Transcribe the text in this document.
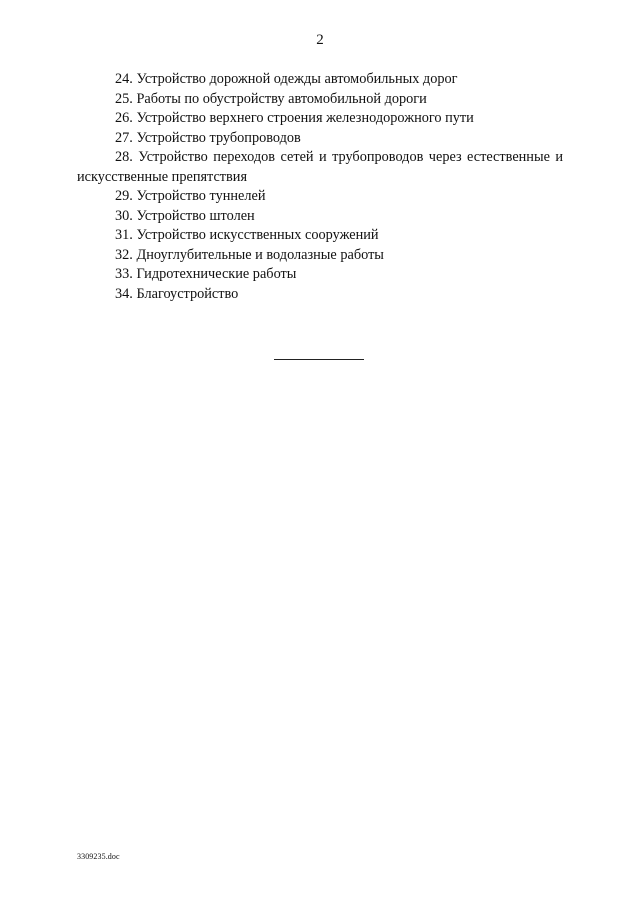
2
24. Устройство дорожной одежды автомобильных дорог
25. Работы по обустройству автомобильной дороги
26. Устройство верхнего строения железнодорожного пути
27. Устройство трубопроводов
28. Устройство переходов сетей и трубопроводов через естественные и искусственные препятствия
29. Устройство туннелей
30. Устройство штолен
31. Устройство искусственных сооружений
32. Дноуглубительные и водолазные работы
33. Гидротехнические работы
34. Благоустройство
3309235.doc
